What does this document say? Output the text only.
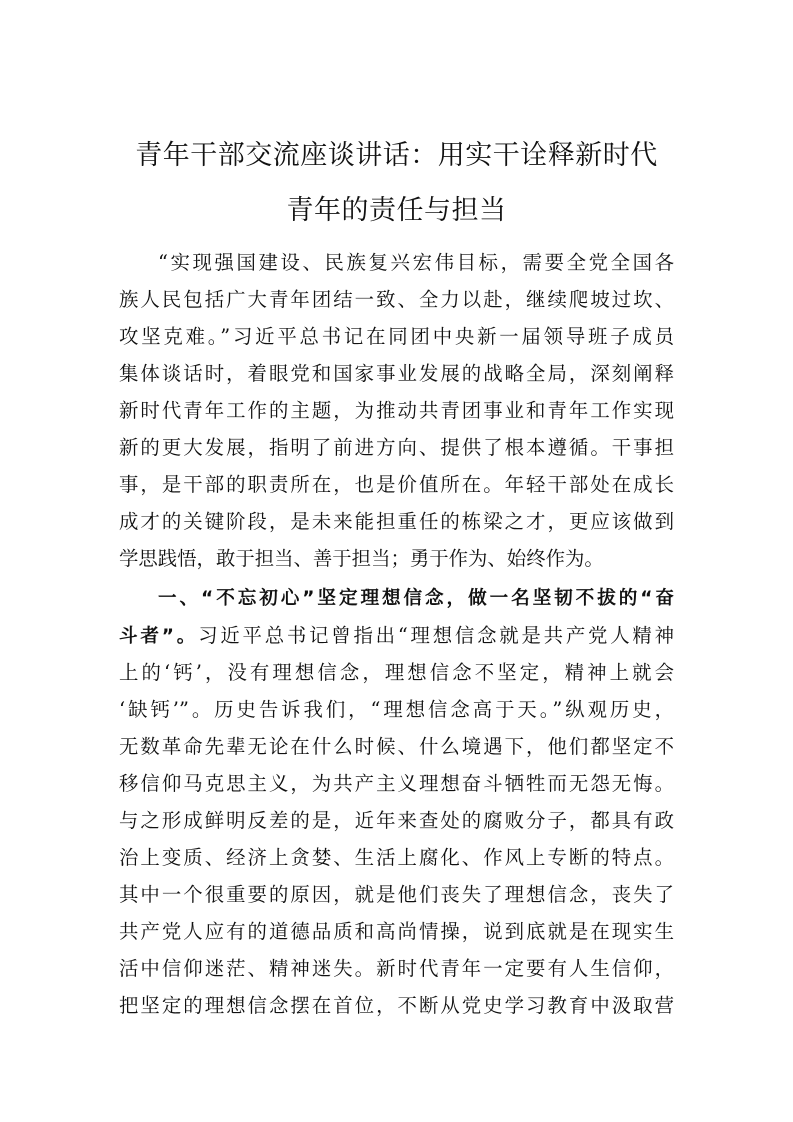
青年干部交流座谈讲话：用实干诠释新时代
青年的责任与担当
“实现强国建设、民族复兴宏伟目标，需要全党全国各
族人民包括广大青年团结一致、全力以赴，继续爬坡过坎、
攻坚克难。”习近平总书记在同团中央新一届领导班子成员
集体谈话时，着眼党和国家事业发展的战略全局，深刻阐释
新时代青年工作的主题，为推动共青团事业和青年工作实现
新的更大发展，指明了前进方向、提供了根本遵循。干事担
事，是干部的职责所在，也是价值所在。年轻干部处在成长
成才的关键阶段，是未来能担重任的栋梁之才，更应该做到
学思践悟，敢于担当、善于担当；勇于作为、始终作为。
一、“不忘初心”坚定理想信念，做一名坚韧不拔的“奋
斗者”。习近平总书记曾指出“理想信念就是共产党人精神
上的‘钙’，没有理想信念，理想信念不坚定，精神上就会
‘缺钙’”。历史告诉我们，“理想信念高于天。”纵观历史，
无数革命先辈无论在什么时候、什么境遇下，他们都坚定不
移信仰马克思主义，为共产主义理想奋斗牺牲而无怨无悔。
与之形成鲜明反差的是，近年来查处的腐败分子，都具有政
治上变质、经济上贪婪、生活上腐化、作风上专断的特点。
其中一个很重要的原因，就是他们丧失了理想信念，丧失了
共产党人应有的道德品质和高尚情操，说到底就是在现实生
活中信仰迷茫、精神迷失。新时代青年一定要有人生信仰，
把坚定的理想信念摆在首位，不断从党史学习教育中汲取营
